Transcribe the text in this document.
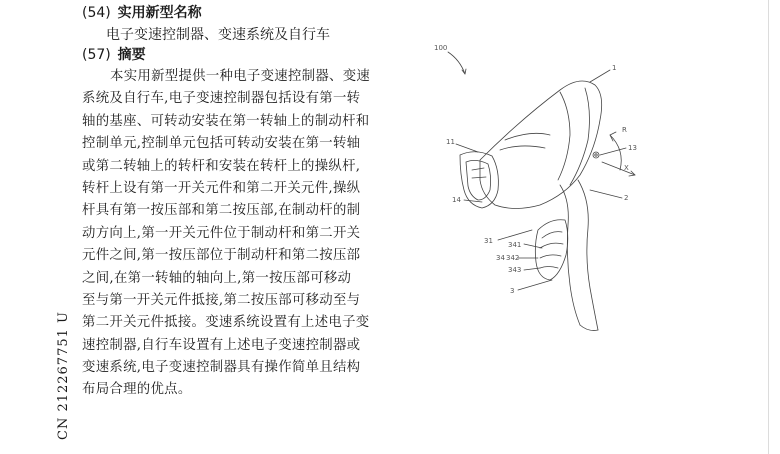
(54) 实用新型名称
电子变速控制器、变速系统及自行车
(57) 摘要
本实用新型提供一种电子变速控制器、变速
系统及自行车,电子变速控制器包括设有第一转
轴的基座、可转动安装在第一转轴上的制动杆和
控制单元,控制单元包括可转动安装在第一转轴
或第二转轴上的转杆和安装在转杆上的操纵杆,
转杆上设有第一开关元件和第二开关元件,操纵
杆具有第一按压部和第二按压部,在制动杆的制
动方向上,第一开关元件位于制动杆和第二开关
元件之间,第一按压部位于制动杆和第二按压部
之间,在第一转轴的轴向上,第一按压部可移动
至与第一开关元件抵接,第二按压部可移动至与
第二开关元件抵接。变速系统设置有上述电子变
速控制器,自行车设置有上述电子变速控制器或
变速系统,电子变速控制器具有操作简单且结构
布局合理的优点。
CN 212267751 U
100
1
11
13
R
X
14	2
31 341
34 342
343
3
